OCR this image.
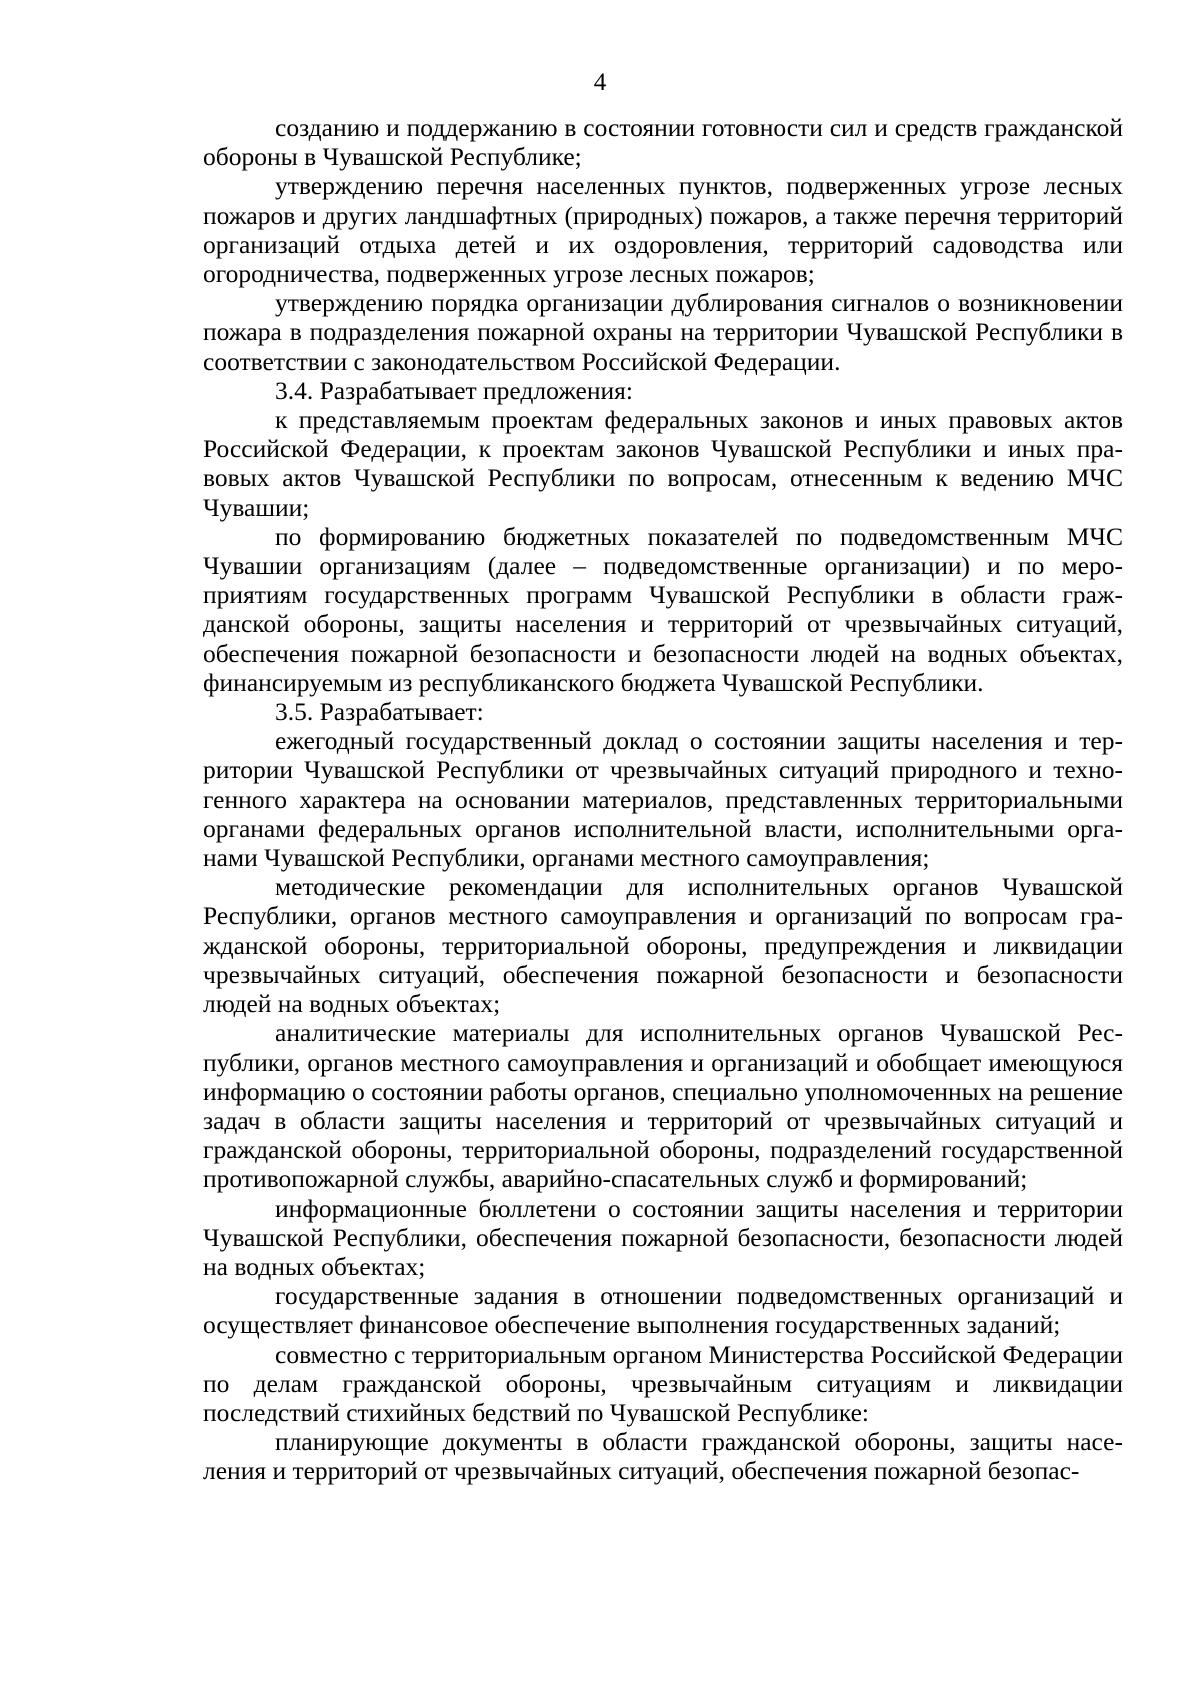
4

созданию и поддержанию в состоянии готовности сил и средств гражданской обороны в Чувашской Республике;

утверждению перечня населенных пунктов, подверженных угрозе лесных пожаров и других ландшафтных (природных) пожаров, а также перечня территорий организаций отдыха детей и их оздоровления, территорий садоводства или огородничества, подверженных угрозе лесных пожаров;

утверждению порядка организации дублирования сигналов о возникновении пожара в подразделения пожарной охраны на территории Чувашской Республики в соответствии с законодательством Российской Федерации.

3.4. Разрабатывает предложения:

к представляемым проектам федеральных законов и иных правовых актов Российской Федерации, к проектам законов Чувашской Республики и иных правовых актов Чувашской Республики по вопросам, отнесенным к ведению МЧС Чувашии;

по формированию бюджетных показателей по подведомственным МЧС Чувашии организациям (далее – подведомственные организации) и по мероприятиям государственных программ Чувашской Республики в области гражданской обороны, защиты населения и территорий от чрезвычайных ситуаций, обеспечения пожарной безопасности и безопасности людей на водных объектах, финансируемым из республиканского бюджета Чувашской Республики.

3.5. Разрабатывает:

ежегодный государственный доклад о состоянии защиты населения и территории Чувашской Республики от чрезвычайных ситуаций природного и техногенного характера на основании материалов, представленных территориальными органами федеральных органов исполнительной власти, исполнительными органами Чувашской Республики, органами местного самоуправления;

методические рекомендации для исполнительных органов Чувашской Республики, органов местного самоуправления и организаций по вопросам гражданской обороны, территориальной обороны, предупреждения и ликвидации чрезвычайных ситуаций, обеспечения пожарной безопасности и безопасности людей на водных объектах;

аналитические материалы для исполнительных органов Чувашской Республики, органов местного самоуправления и организаций и обобщает имеющуюся информацию о состоянии работы органов, специально уполномоченных на решение задач в области защиты населения и территорий от чрезвычайных ситуаций и гражданской обороны, территориальной обороны, подразделений государственной противопожарной службы, аварийно-спасательных служб и формирований;

информационные бюллетени о состоянии защиты населения и территории Чувашской Республики, обеспечения пожарной безопасности, безопасности людей на водных объектах;

государственные задания в отношении подведомственных организаций и осуществляет финансовое обеспечение выполнения государственных заданий;

совместно с территориальным органом Министерства Российской Федерации по делам гражданской обороны, чрезвычайным ситуациям и ликвидации последствий стихийных бедствий по Чувашской Республике:

планирующие документы в области гражданской обороны, защиты населения и территорий от чрезвычайных ситуаций, обеспечения пожарной безопас-
